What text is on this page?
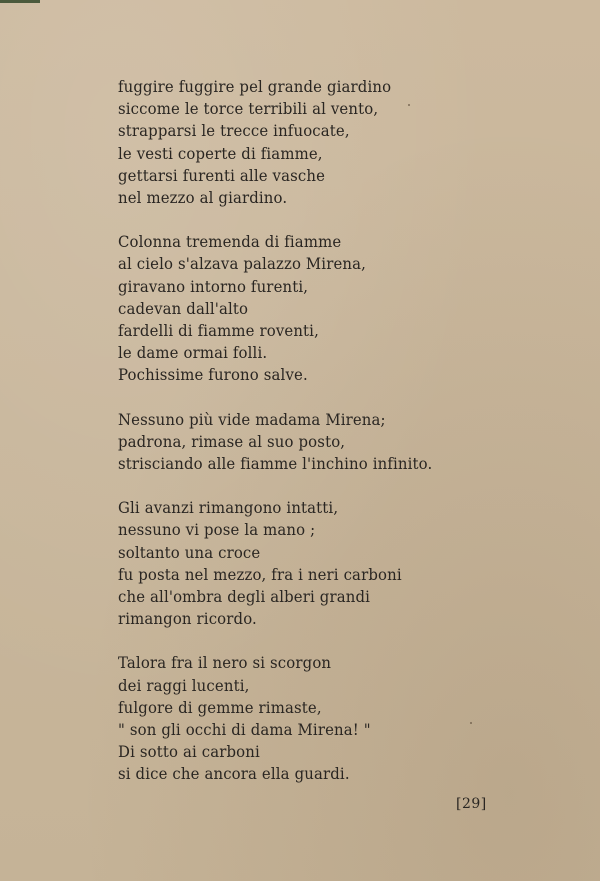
fuggire fuggire pel grande giardino
siccome le torce terribili al vento,
strapparsi le trecce infuocate,
le vesti coperte di fiamme,
gettarsi furenti alle vasche
nel mezzo al giardino.
Colonna tremenda di fiamme
al cielo s'alzava palazzo Mirena,
giravano intorno furenti,
cadevan dall'alto
fardelli di fiamme roventi,
le dame ormai folli.
Pochissime furono salve.
Nessuno più vide madama Mirena;
padrona, rimase al suo posto,
strisciando alle fiamme l'inchino infinito.
Gli avanzi rimangono intatti,
nessuno vi pose la mano ;
soltanto una croce
fu posta nel mezzo, fra i neri carboni
che all'ombra degli alberi grandi
rimangon ricordo.
Talora fra il nero si scorgon
dei raggi lucenti,
fulgore di gemme rimaste,
" son gli occhi di dama Mirena! "
Di sotto ai carboni
si dice che ancora ella guardi.
[29]
